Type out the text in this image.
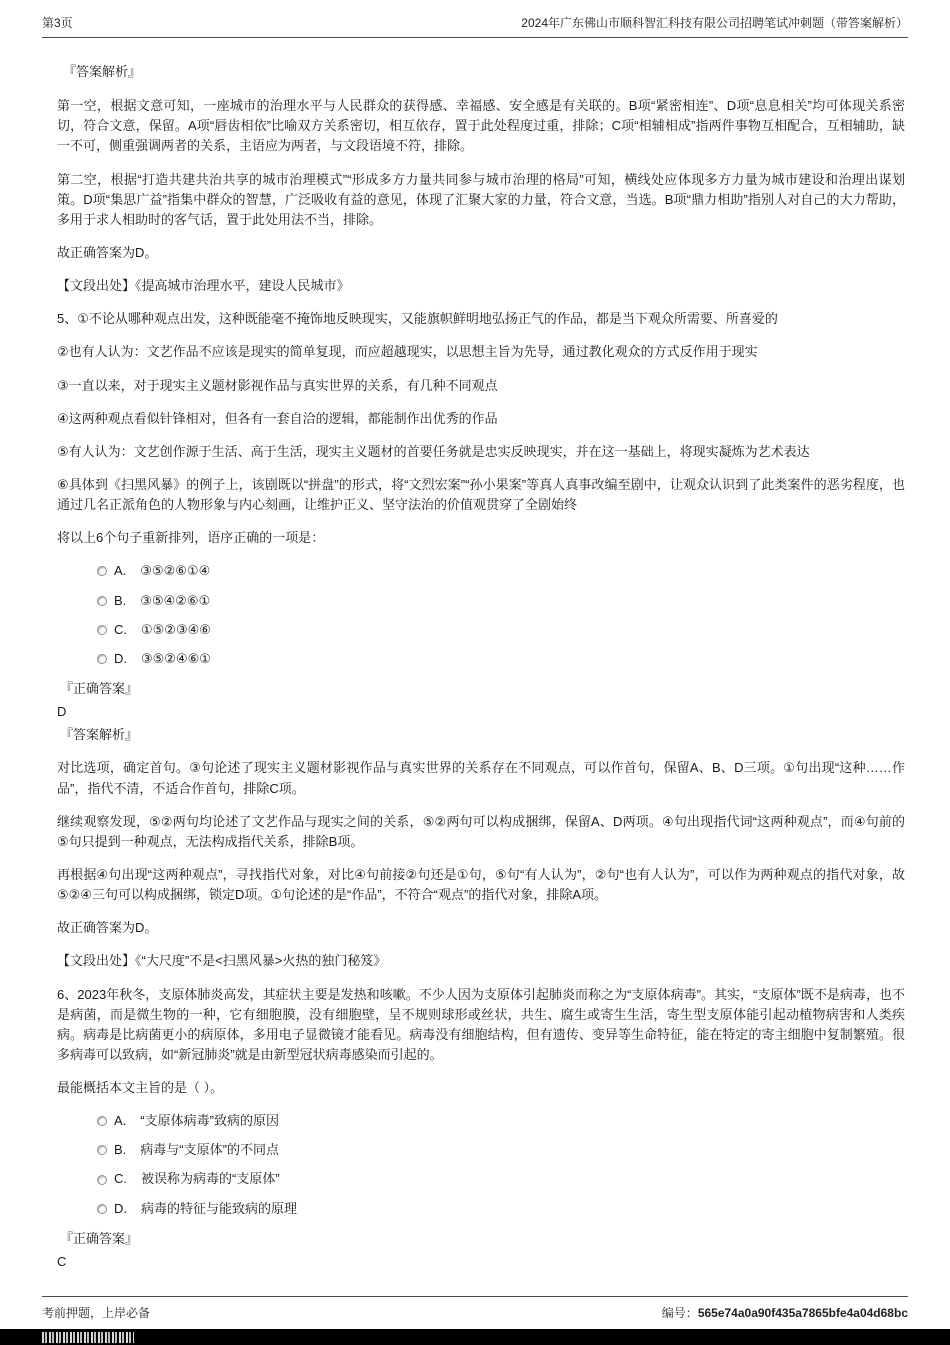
第3页	2024年广东佛山市顺科智汇科技有限公司招聘笔试冲刺题（带答案解析）

『答案解析』

第一空，根据文意可知，一座城市的治理水平与人民群众的获得感、幸福感、安全感是有关联的。B项“紧密相连”、D项“息息相关”均可体现关系密切，符合文意，保留。A项“唇齿相依”比喻双方关系密切，相互依存，置于此处程度过重，排除；C项“相辅相成”指两件事物互相配合，互相辅助，缺一不可，侧重强调两者的关系，主语应为两者，与文段语境不符，排除。

第二空，根据“打造共建共治共享的城市治理模式”“形成多方力量共同参与城市治理的格局”可知，横线处应体现多方力量为城市建设和治理出谋划策。D项“集思广益”指集中群众的智慧，广泛吸收有益的意见，体现了汇聚大家的力量，符合文意，当选。B项“鼎力相助”指别人对自己的大力帮助，多用于求人相助时的客气话，置于此处用法不当，排除。

故正确答案为D。

【文段出处】《提高城市治理水平，建设人民城市》

5、①不论从哪种观点出发，这种既能毫不掩饰地反映现实，又能旗帜鲜明地弘扬正气的作品，都是当下观众所需要、所喜爱的

②也有人认为：文艺作品不应该是现实的简单复现，而应超越现实，以思想主旨为先导，通过教化观众的方式反作用于现实

③一直以来，对于现实主义题材影视作品与真实世界的关系，有几种不同观点

④这两种观点看似针锋相对，但各有一套自洽的逻辑，都能制作出优秀的作品

⑤有人认为：文艺创作源于生活、高于生活，现实主义题材的首要任务就是忠实反映现实，并在这一基础上，将现实凝炼为艺术表达

⑥具体到《扫黑风暴》的例子上，该剧既以“拼盘”的形式，将“文烈宏案”“孙小果案”等真人真事改编至剧中，让观众认识到了此类案件的恶劣程度，也通过几名正派角色的人物形象与内心刻画，让维护正义、坚守法治的价值观贯穿了全剧始终

将以上6个句子重新排列，语序正确的一项是：

A. ③⑤②⑥①④
B. ③⑤④②⑥①
C. ①⑤②③④⑥
D. ③⑤②④⑥①

『正确答案』

D

『答案解析』

对比选项，确定首句。③句论述了现实主义题材影视作品与真实世界的关系存在不同观点，可以作首句，保留A、B、D三项。①句出现“这种……作品”，指代不清，不适合作首句，排除C项。

继续观察发现，⑤②两句均论述了文艺作品与现实之间的关系，⑤②两句可以构成捆绑，保留A、D两项。④句出现指代词“这两种观点”，而④句前的⑤句只提到一种观点，无法构成指代关系，排除B项。

再根据④句出现“这两种观点”，寻找指代对象，对比④句前接②句还是①句，⑤句“有人认为”，②句“也有人认为”，可以作为两种观点的指代对象，故⑤②④三句可以构成捆绑，锁定D项。①句论述的是“作品”，不符合“观点”的指代对象，排除A项。

故正确答案为D。

【文段出处】《“大尺度”不是<扫黑风暴>火热的独门秘笈》

6、2023年秋冬，支原体肺炎高发，其症状主要是发热和咳嗽。不少人因为支原体引起肺炎而称之为“支原体病毒”。其实，“支原体”既不是病毒，也不是病菌，而是微生物的一种，它有细胞膜，没有细胞壁，呈不规则球形或丝状，共生、腐生或寄生生活，寄生型支原体能引起动植物病害和人类疾病。病毒是比病菌更小的病原体，多用电子显微镜才能看见。病毒没有细胞结构，但有遗传、变异等生命特征，能在特定的寄主细胞中复制繁殖。很多病毒可以致病，如“新冠肺炎”就是由新型冠状病毒感染而引起的。

最能概括本文主旨的是（ ）。

A. “支原体病毒”致病的原因
B. 病毒与“支原体”的不同点
C. 被误称为病毒的“支原体”
D. 病毒的特征与能致病的原理

『正确答案』

C

考前押题，上岸必备	编号：565e74a0a90f435a7865bfe4a04d68bc
